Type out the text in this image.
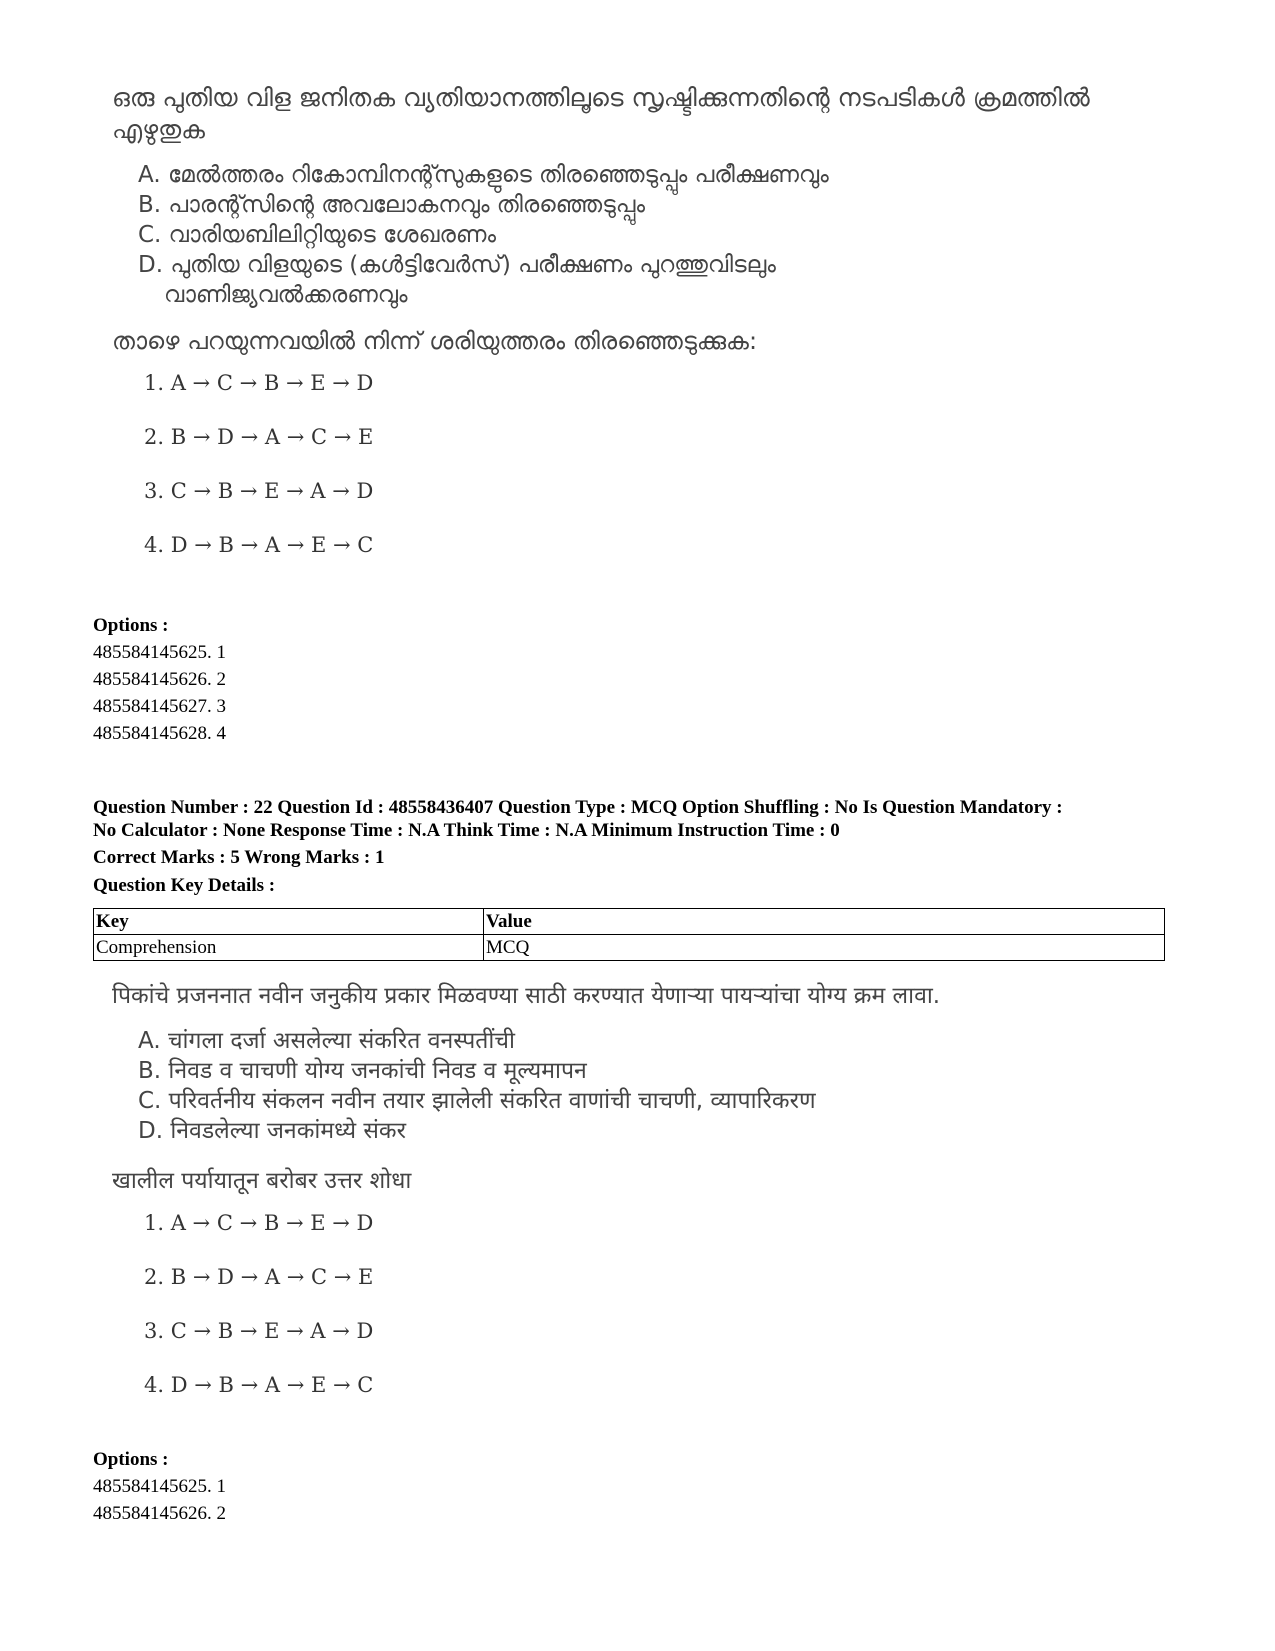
ഒരു പുതിയ വിള ജനിതക വ്യതിയാനത്തിലൂടെ സൃഷ്ടിക്കുന്നതിന്റെ നടപടികൾ ക്രമത്തിൽ എഴുതുക

A. മേൽത്തരം റികോമ്പിനന്റ്സുകളുടെ തിരഞ്ഞെടുപ്പും പരീക്ഷണവും
B. പാരന്റ്സിന്റെ അവലോകനവും തിരഞ്ഞെടുപ്പും
C. വാരിയബിലിറ്റിയുടെ ശേഖരണം
D. പുതിയ വിളയുടെ (കൾട്ടിവേർസ്) പരീക്ഷണം പുറത്തുവിടലും
വാണിജ്യവൽക്കരണവും
താഴെ പറയുന്നവയിൽ നിന്ന് ശരിയുത്തരം തിരഞ്ഞെടുക്കുക:
1. A → C → B → E → D
2. B → D → A → C → E
3. C → B → E → A → D
4. D → B → A → E → C
Options :
485584145625. 1
485584145626. 2
485584145627. 3
485584145628. 4
Question Number : 22 Question Id : 48558436407 Question Type : MCQ Option Shuffling : No Is Question Mandatory :
No Calculator : None Response Time : N.A Think Time : N.A Minimum Instruction Time : 0
Correct Marks : 5 Wrong Marks : 1
Question Key Details :
Key	Value
Comprehension	MCQ

पिकांचे प्रजननात नवीन जनुकीय प्रकार मिळवण्या साठी करण्यात येणाऱ्या पायऱ्यांचा योग्य क्रम लावा.

A. चांगला दर्जा असलेल्या संकरित वनस्पतींची
B. निवड व चाचणी योग्य जनकांची निवड व मूल्यमापन
C. परिवर्तनीय संकलन नवीन तयार झालेली संकरित वाणांची चाचणी, व्यापारिकरण
D. निवडलेल्या जनकांमध्ये संकर
खालील पर्यायातून बरोबर उत्तर शोधा
1. A → C → B → E → D
2. B → D → A → C → E
3. C → B → E → A → D
4. D → B → A → E → C
Options :
485584145625. 1
485584145626. 2
